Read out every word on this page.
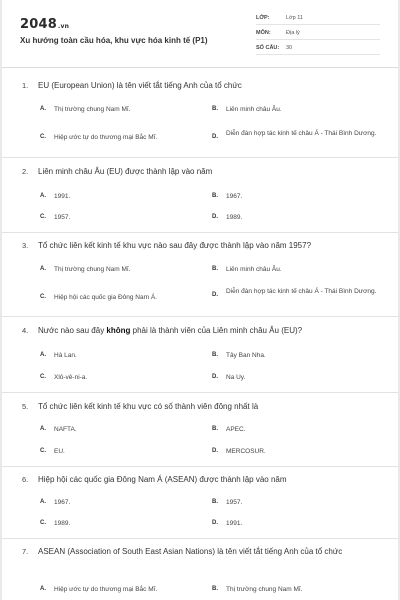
2048.vn
Xu hướng toàn cầu hóa, khu vực hóa kinh tế (P1)
LỚP:	Lớp 11
MÔN:	Địa lý
SỐ CÂU:	30
1.	EU (European Union) là tên viết tắt tiếng Anh của tổ chức
A.	Thị trường chung Nam Mĩ.	B.	Liên minh châu Âu.
C.	Hiệp ước tự do thương mại Bắc Mĩ.	D.	Diễn đàn hợp tác kinh tế châu Á - Thái Bình Dương.
2.	Liên minh châu Âu (EU) được thành lập vào năm
A.	1991.	B.	1967.
C.	1957.	D.	1989.
3.	Tổ chức liên kết kinh tế khu vực nào sau đây được thành lập vào năm 1957?
A.	Thị trường chung Nam Mĩ.	B.	Liên minh châu Âu.
C.	Hiệp hội các quốc gia Đông Nam Á.	D.	Diễn đàn hợp tác kinh tế châu Á - Thái Bình Dương.
4.	Nước nào sau đây không phải là thành viên của Liên minh châu Âu (EU)?
A.	Hà Lan.	B.	Tây Ban Nha.
C.	Xlô-vê-ni-a.	D.	Na Uy.
5.	Tổ chức liên kết kinh tế khu vực có số thành viên đông nhất là
A.	NAFTA.	B.	APEC.
C.	EU.	D.	MERCOSUR.
6.	Hiệp hội các quốc gia Đông Nam Á (ASEAN) được thành lập vào năm
A.	1967.	B.	1957.
C.	1989.	D.	1991.
7.	ASEAN (Association of South East Asian Nations) là tên viết tắt tiếng Anh của tổ chức
A.	Hiệp ước tự do thương mại Bắc Mĩ.	B.	Thị trường chung Nam Mĩ.
